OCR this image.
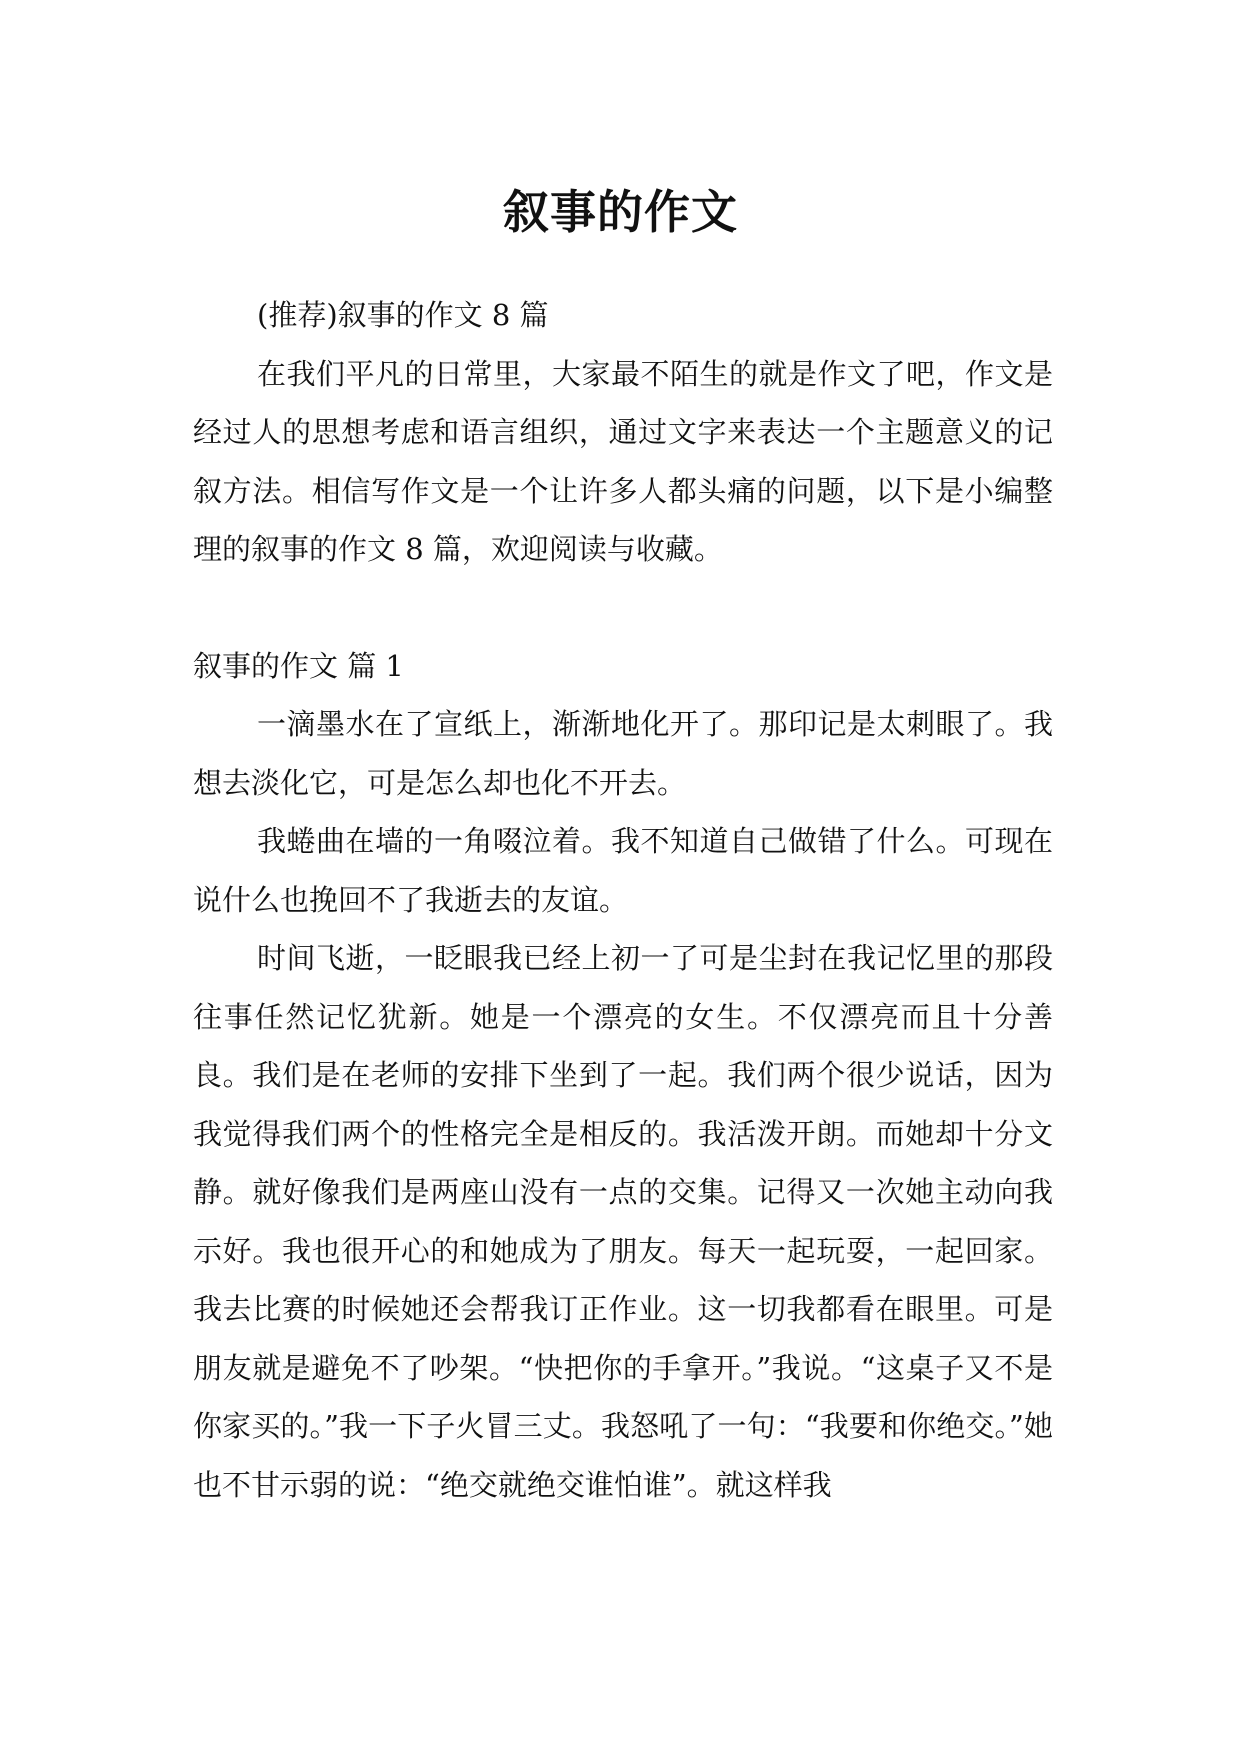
叙事的作文

(推荐)叙事的作文 8 篇

在我们平凡的日常里，大家最不陌生的就是作文了吧，作文是经过人的思想考虑和语言组织，通过文字来表达一个主题意义的记叙方法。相信写作文是一个让许多人都头痛的问题，以下是小编整理的叙事的作文 8 篇，欢迎阅读与收藏。

叙事的作文 篇 1

一滴墨水在了宣纸上，渐渐地化开了。那印记是太刺眼了。我想去淡化它，可是怎么却也化不开去。

我蜷曲在墙的一角啜泣着。我不知道自己做错了什么。可现在说什么也挽回不了我逝去的友谊。

时间飞逝，一眨眼我已经上初一了可是尘封在我记忆里的那段往事任然记忆犹新。她是一个漂亮的女生。不仅漂亮而且十分善良。我们是在老师的安排下坐到了一起。我们两个很少说话，因为我觉得我们两个的性格完全是相反的。我活泼开朗。而她却十分文静。就好像我们是两座山没有一点的交集。记得又一次她主动向我示好。我也很开心的和她成为了朋友。每天一起玩耍，一起回家。我去比赛的时候她还会帮我订正作业。这一切我都看在眼里。可是朋友就是避免不了吵架。“快把你的手拿开。”我说。“这桌子又不是你家买的。”我一下子火冒三丈。我怒吼了一句：“我要和你绝交。”她也不甘示弱的说：“绝交就绝交谁怕谁”。就这样我
